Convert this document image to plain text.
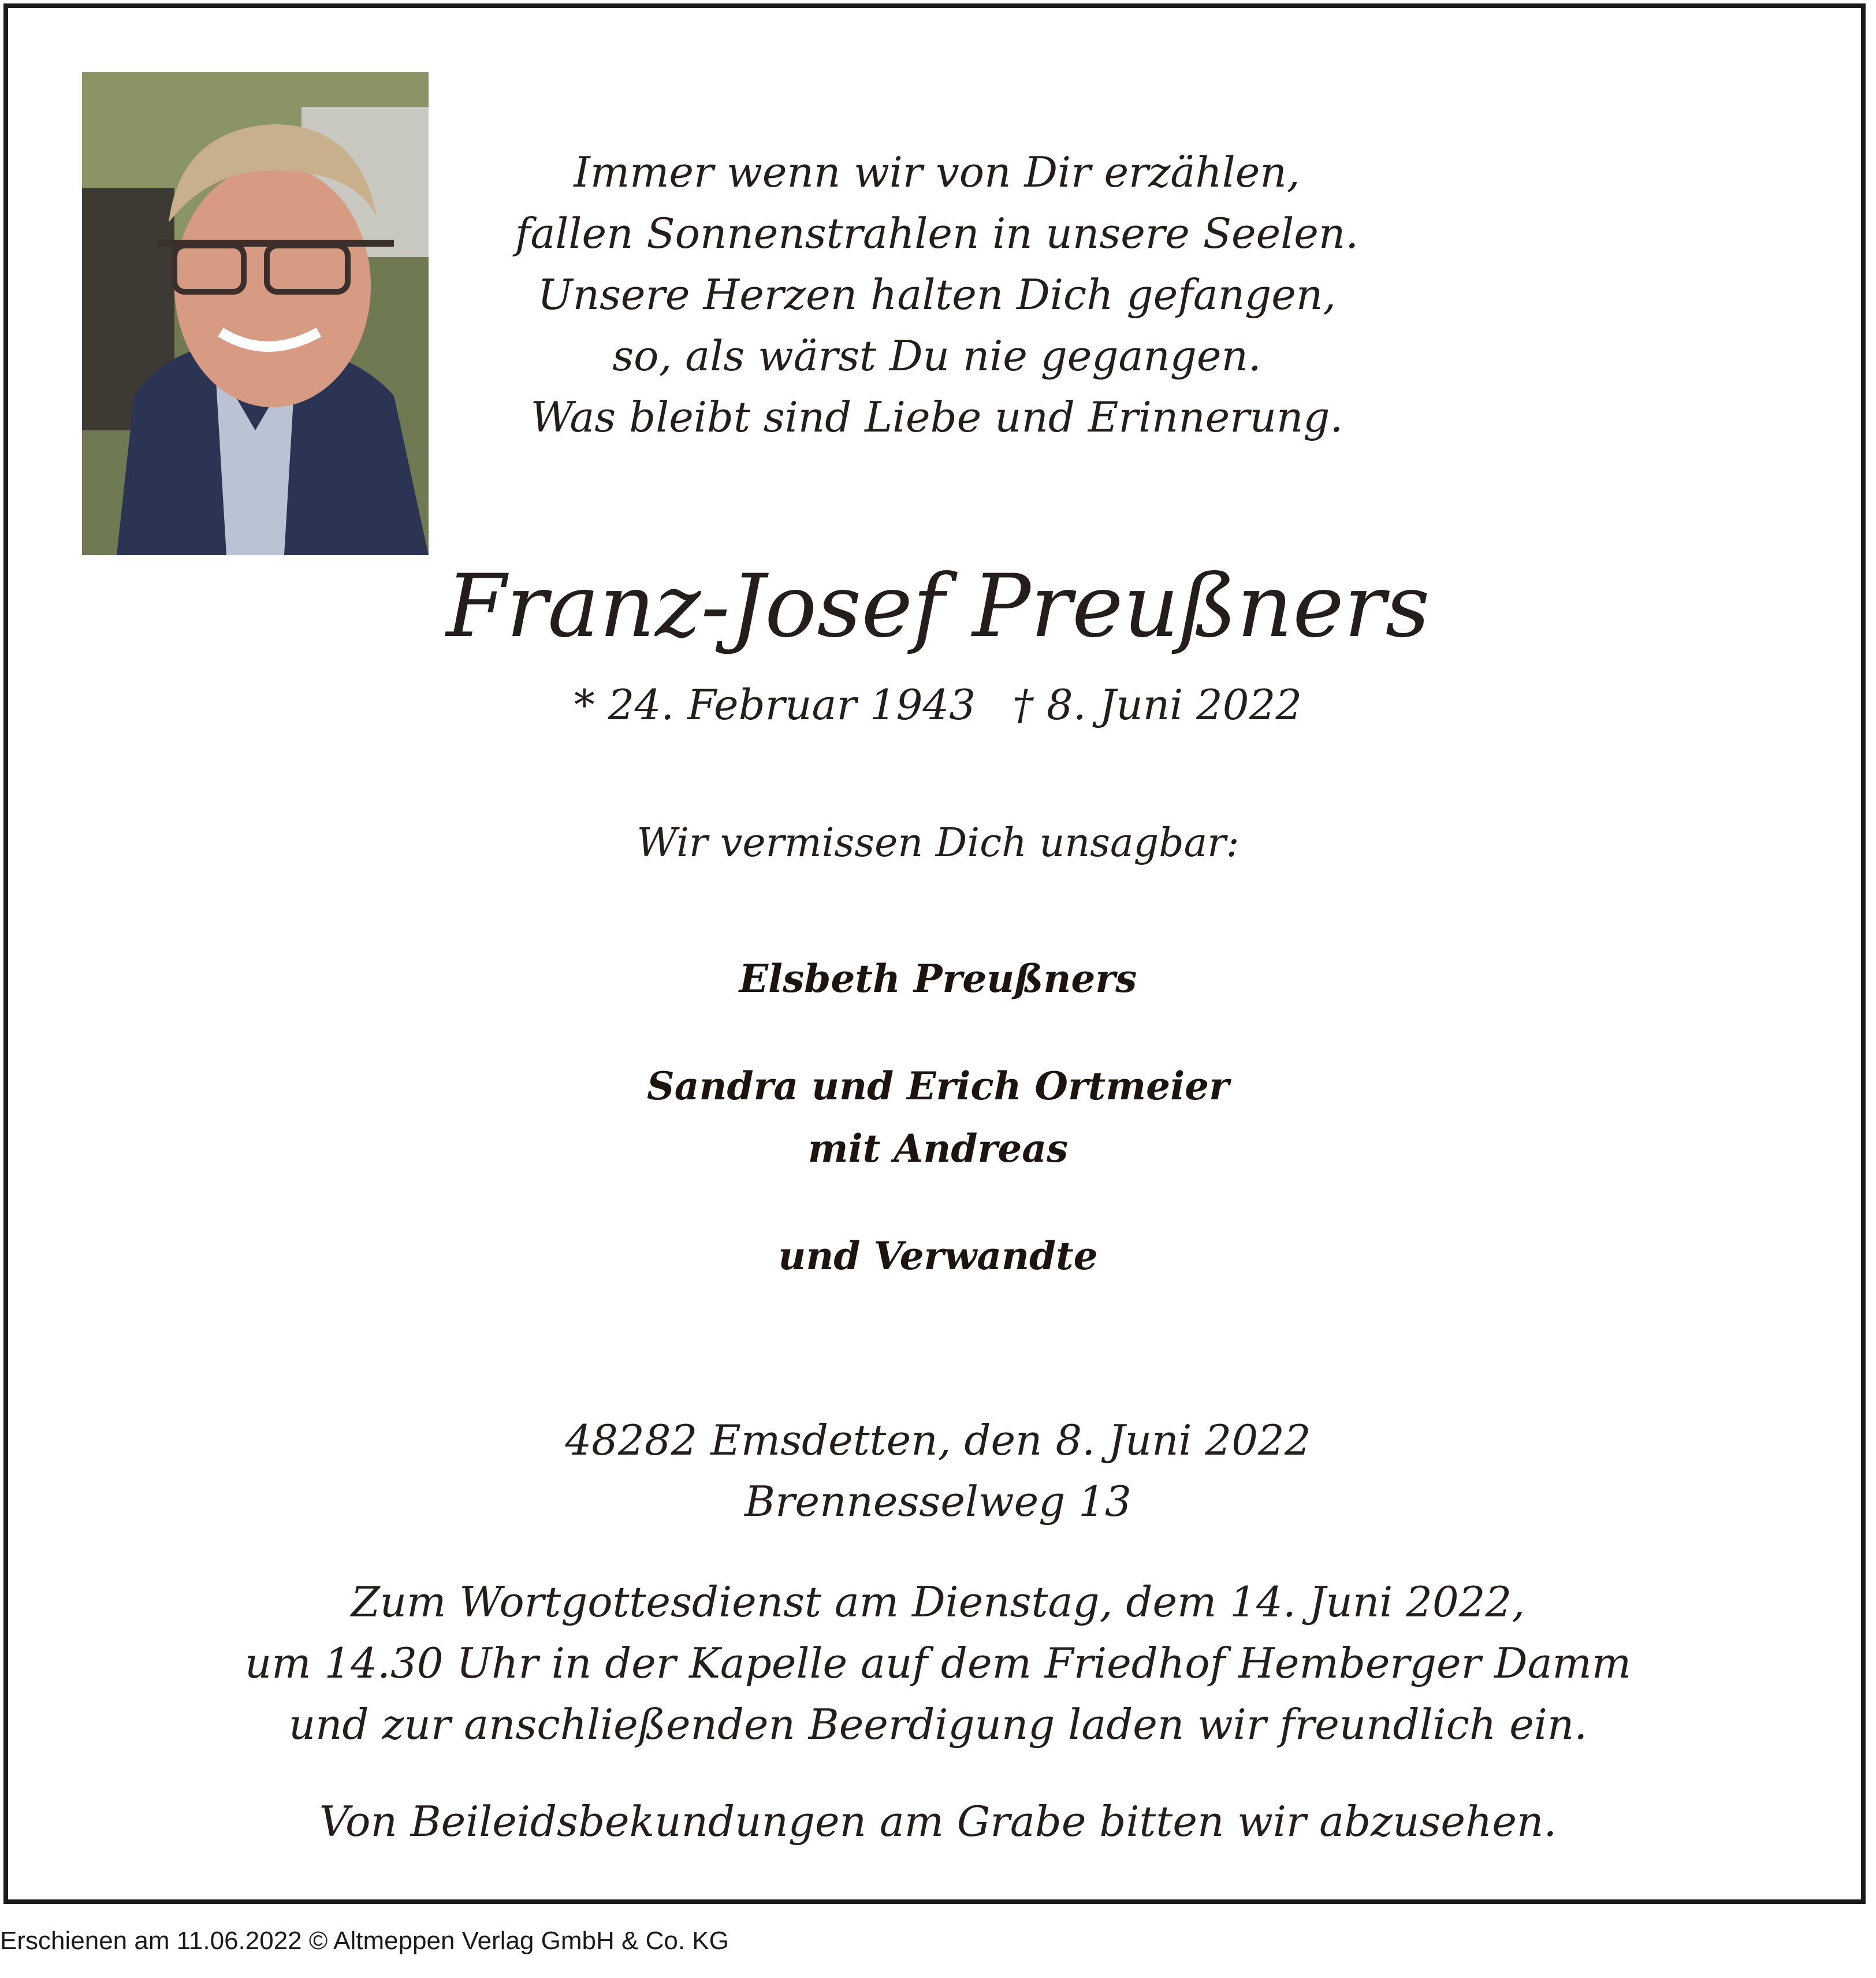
Immer wenn wir von Dir erzählen,
fallen Sonnenstrahlen in unsere Seelen.
Unsere Herzen halten Dich gefangen,
so, als wärst Du nie gegangen.
Was bleibt sind Liebe und Erinnerung.
Franz-Josef Preußners
* 24. Februar 1943 † 8. Juni 2022
Wir vermissen Dich unsagbar:
Elsbeth Preußners
Sandra und Erich Ortmeier
mit Andreas
und Verwandte
48282 Emsdetten, den 8. Juni 2022
Brennesselweg 13
Zum Wortgottesdienst am Dienstag, dem 14. Juni 2022,
um 14.30 Uhr in der Kapelle auf dem Friedhof Hemberger Damm
und zur anschließenden Beerdigung laden wir freundlich ein.
Von Beileidsbekundungen am Grabe bitten wir abzusehen.
Erschienen am 11.06.2022 © Altmeppen Verlag GmbH & Co. KG
